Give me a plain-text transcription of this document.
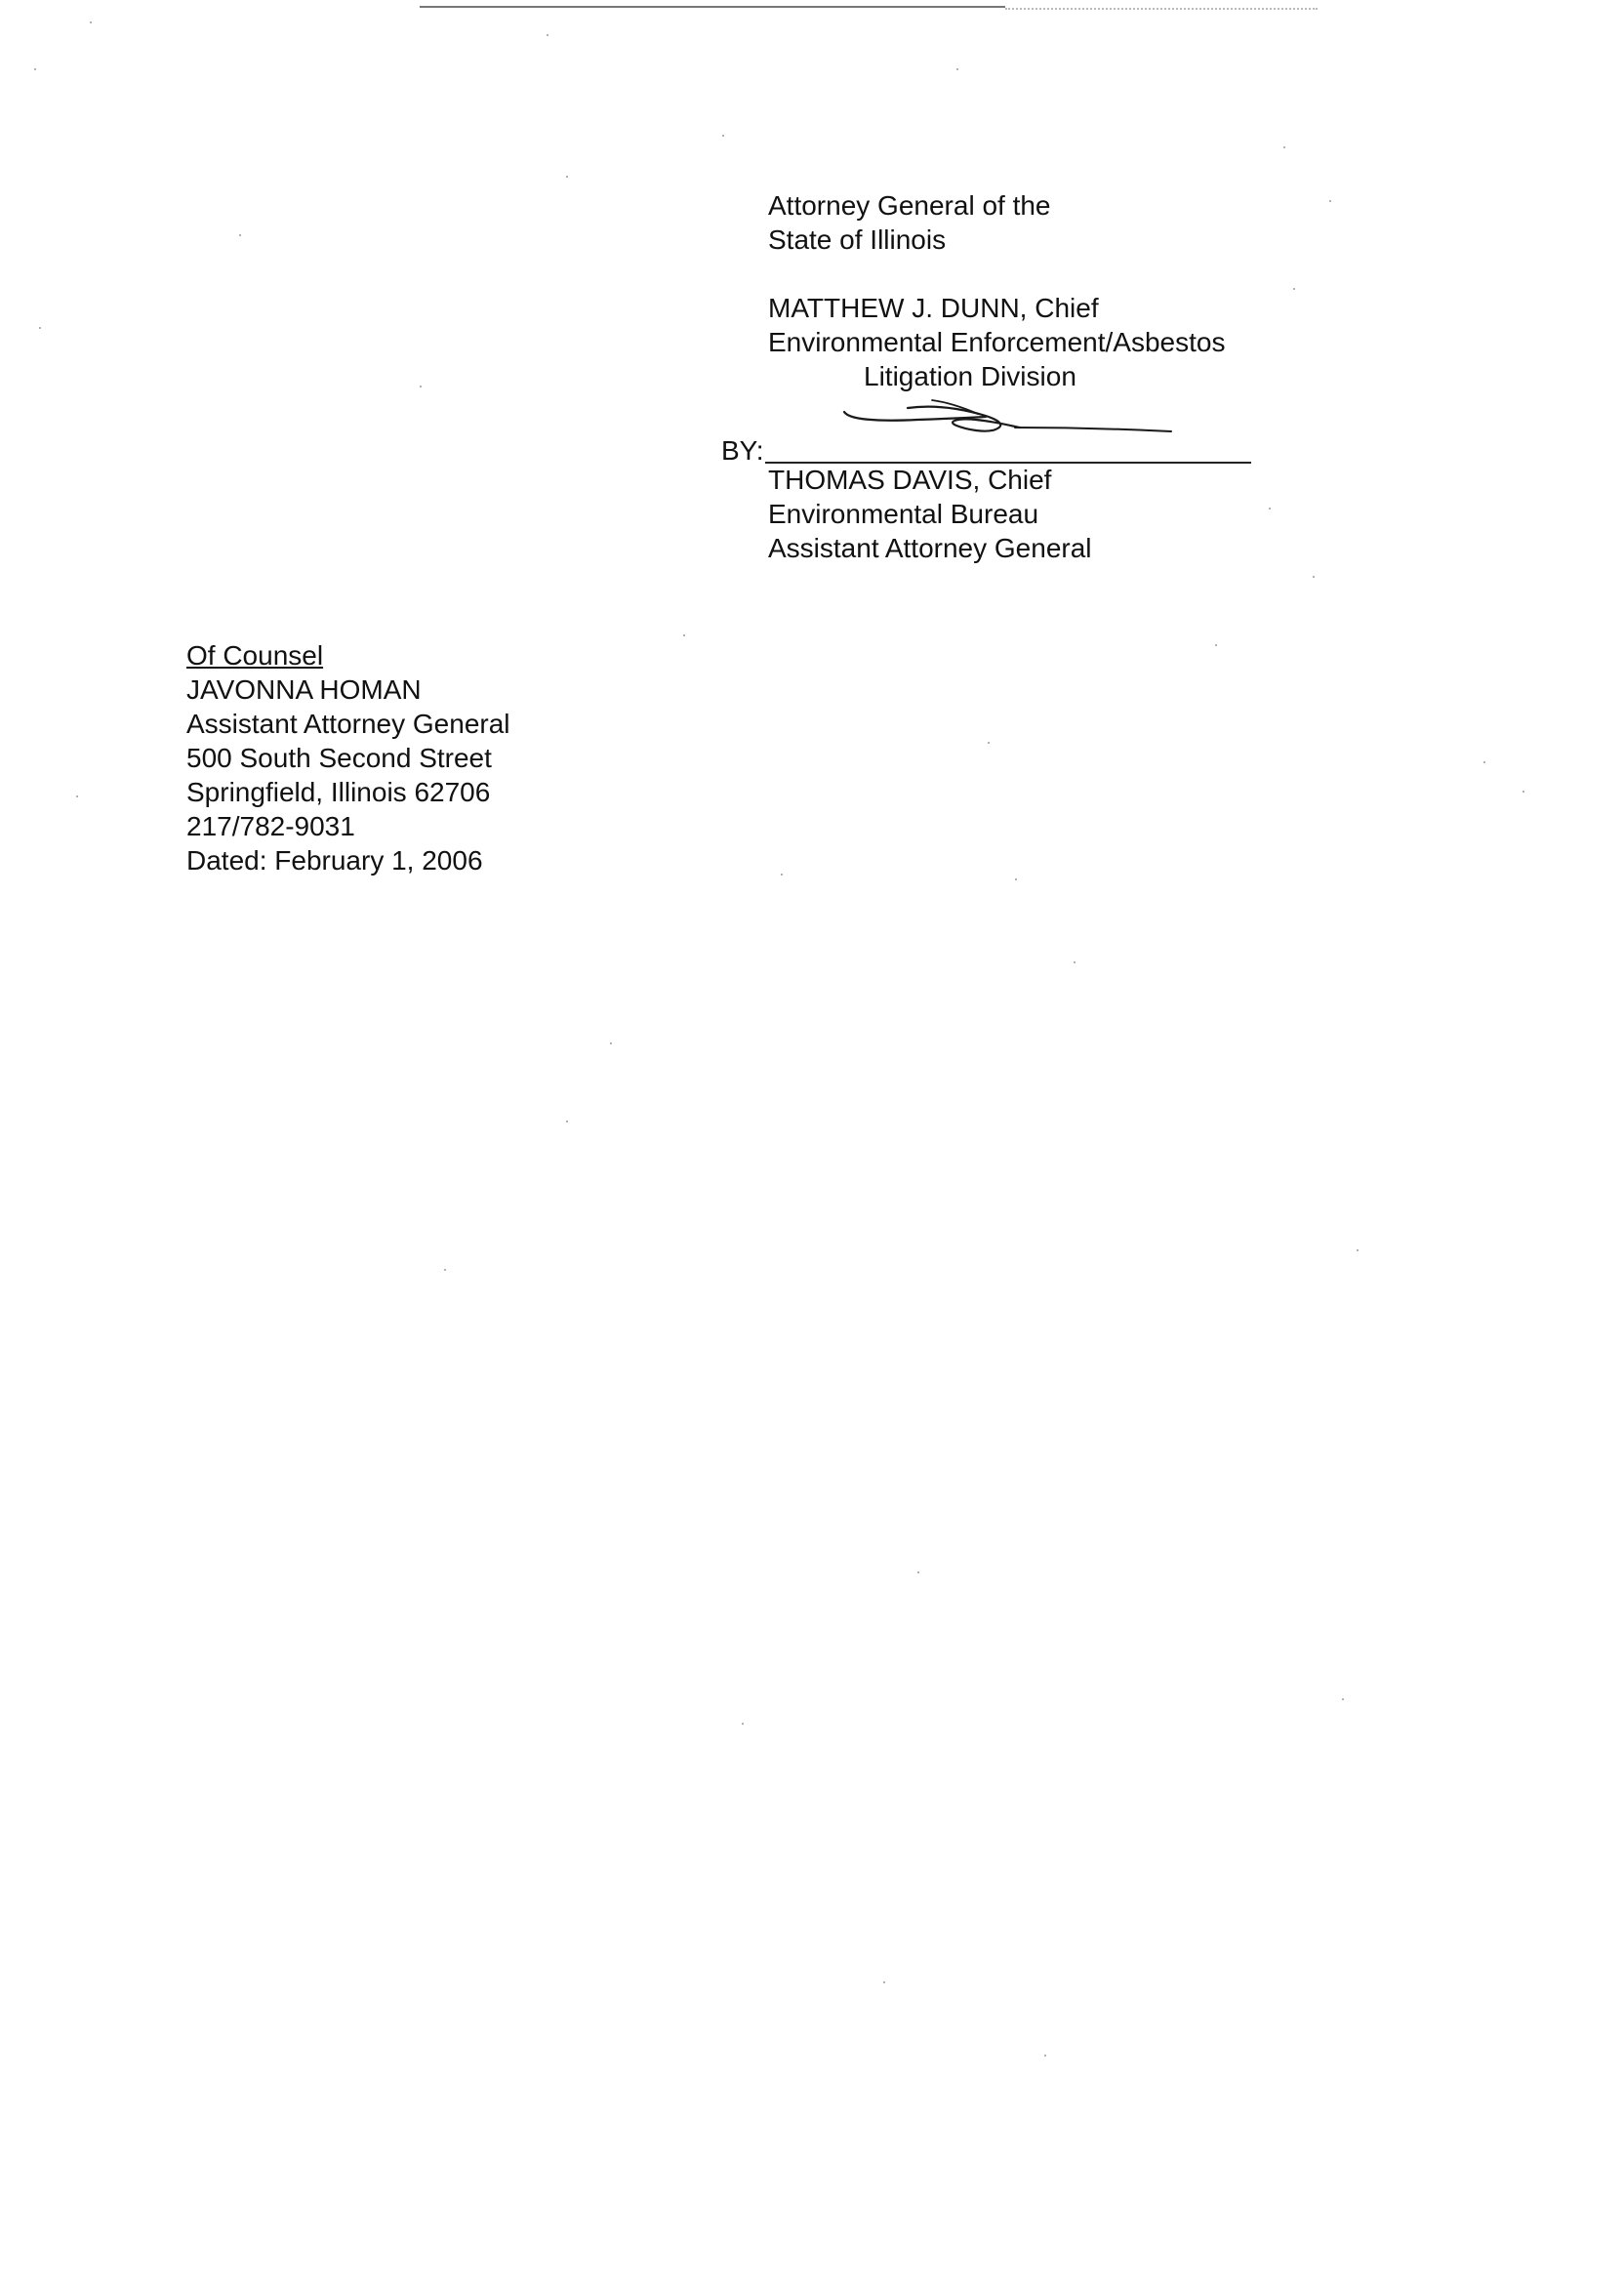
Attorney General of the
State of Illinois
MATTHEW J. DUNN, Chief
Environmental Enforcement/Asbestos
Litigation Division
BY:
THOMAS DAVIS, Chief
Environmental Bureau
Assistant Attorney General
Of Counsel
JAVONNA HOMAN
Assistant Attorney General
500 South Second Street
Springfield, Illinois 62706
217/782-9031
Dated: February 1, 2006
